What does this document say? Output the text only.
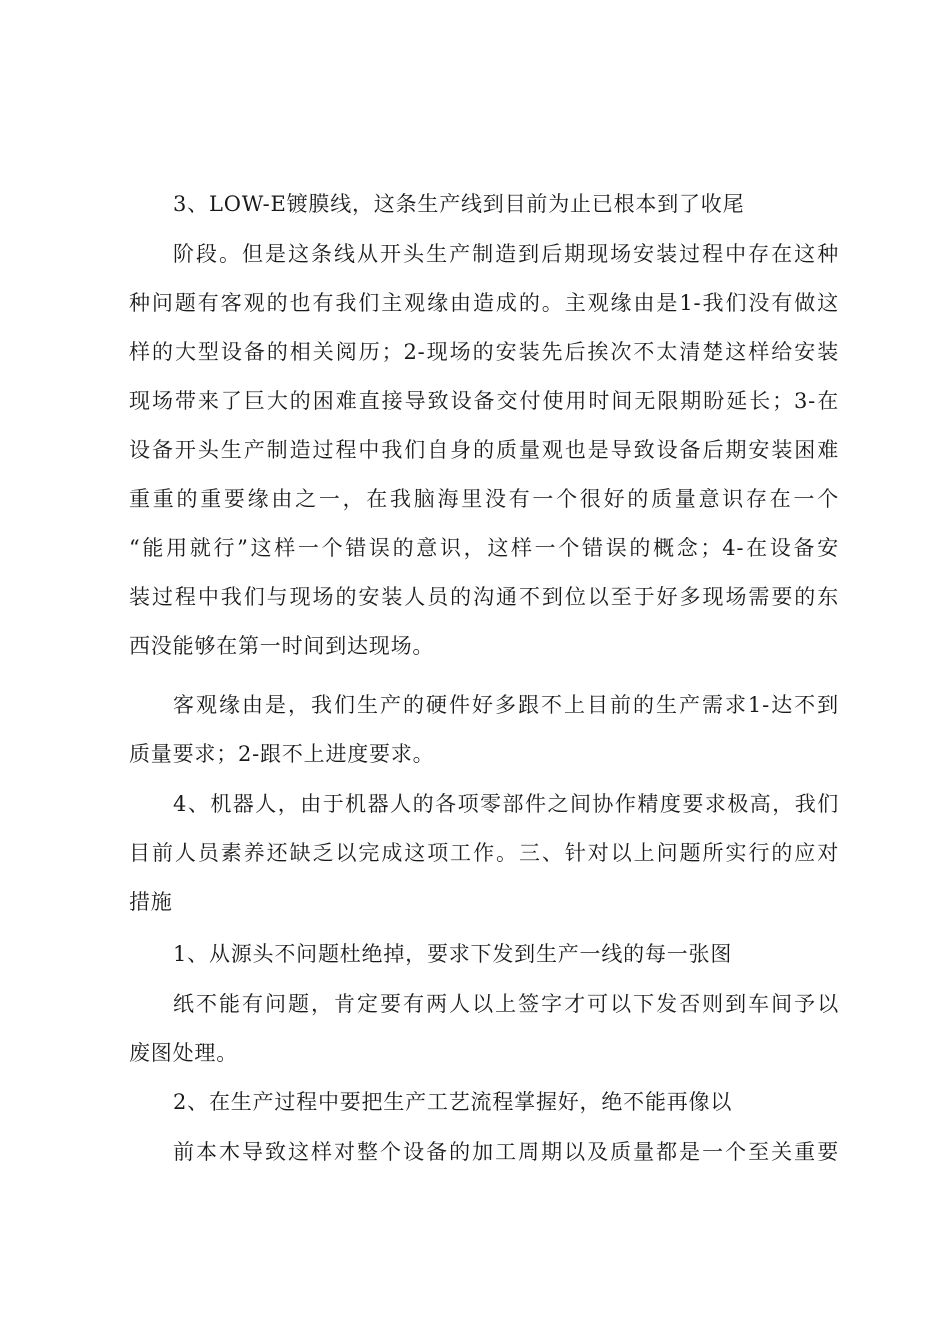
3、LOW-E镀膜线，这条生产线到目前为止已根本到了收尾

阶段。但是这条线从开头生产制造到后期现场安装过程中存在这种
种问题有客观的也有我们主观缘由造成的。主观缘由是1-我们没有做这
样的大型设备的相关阅历；2-现场的安装先后挨次不太清楚这样给安装
现场带来了巨大的困难直接导致设备交付使用时间无限期盼延长；3-在
设备开头生产制造过程中我们自身的质量观也是导致设备后期安装困难
重重的重要缘由之一，在我脑海里没有一个很好的质量意识存在一个
“能用就行”这样一个错误的意识，这样一个错误的概念；4-在设备安
装过程中我们与现场的安装人员的沟通不到位以至于好多现场需要的东
西没能够在第一时间到达现场。

客观缘由是，我们生产的硬件好多跟不上目前的生产需求1-达不到
质量要求；2-跟不上进度要求。

4、机器人，由于机器人的各项零部件之间协作精度要求极高，我们
目前人员素养还缺乏以完成这项工作。三、针对以上问题所实行的应对
措施

1、从源头不问题杜绝掉，要求下发到生产一线的每一张图

纸不能有问题，肯定要有两人以上签字才可以下发否则到车间予以
废图处理。

2、在生产过程中要把生产工艺流程掌握好，绝不能再像以

前本木导致这样对整个设备的加工周期以及质量都是一个至关重要
